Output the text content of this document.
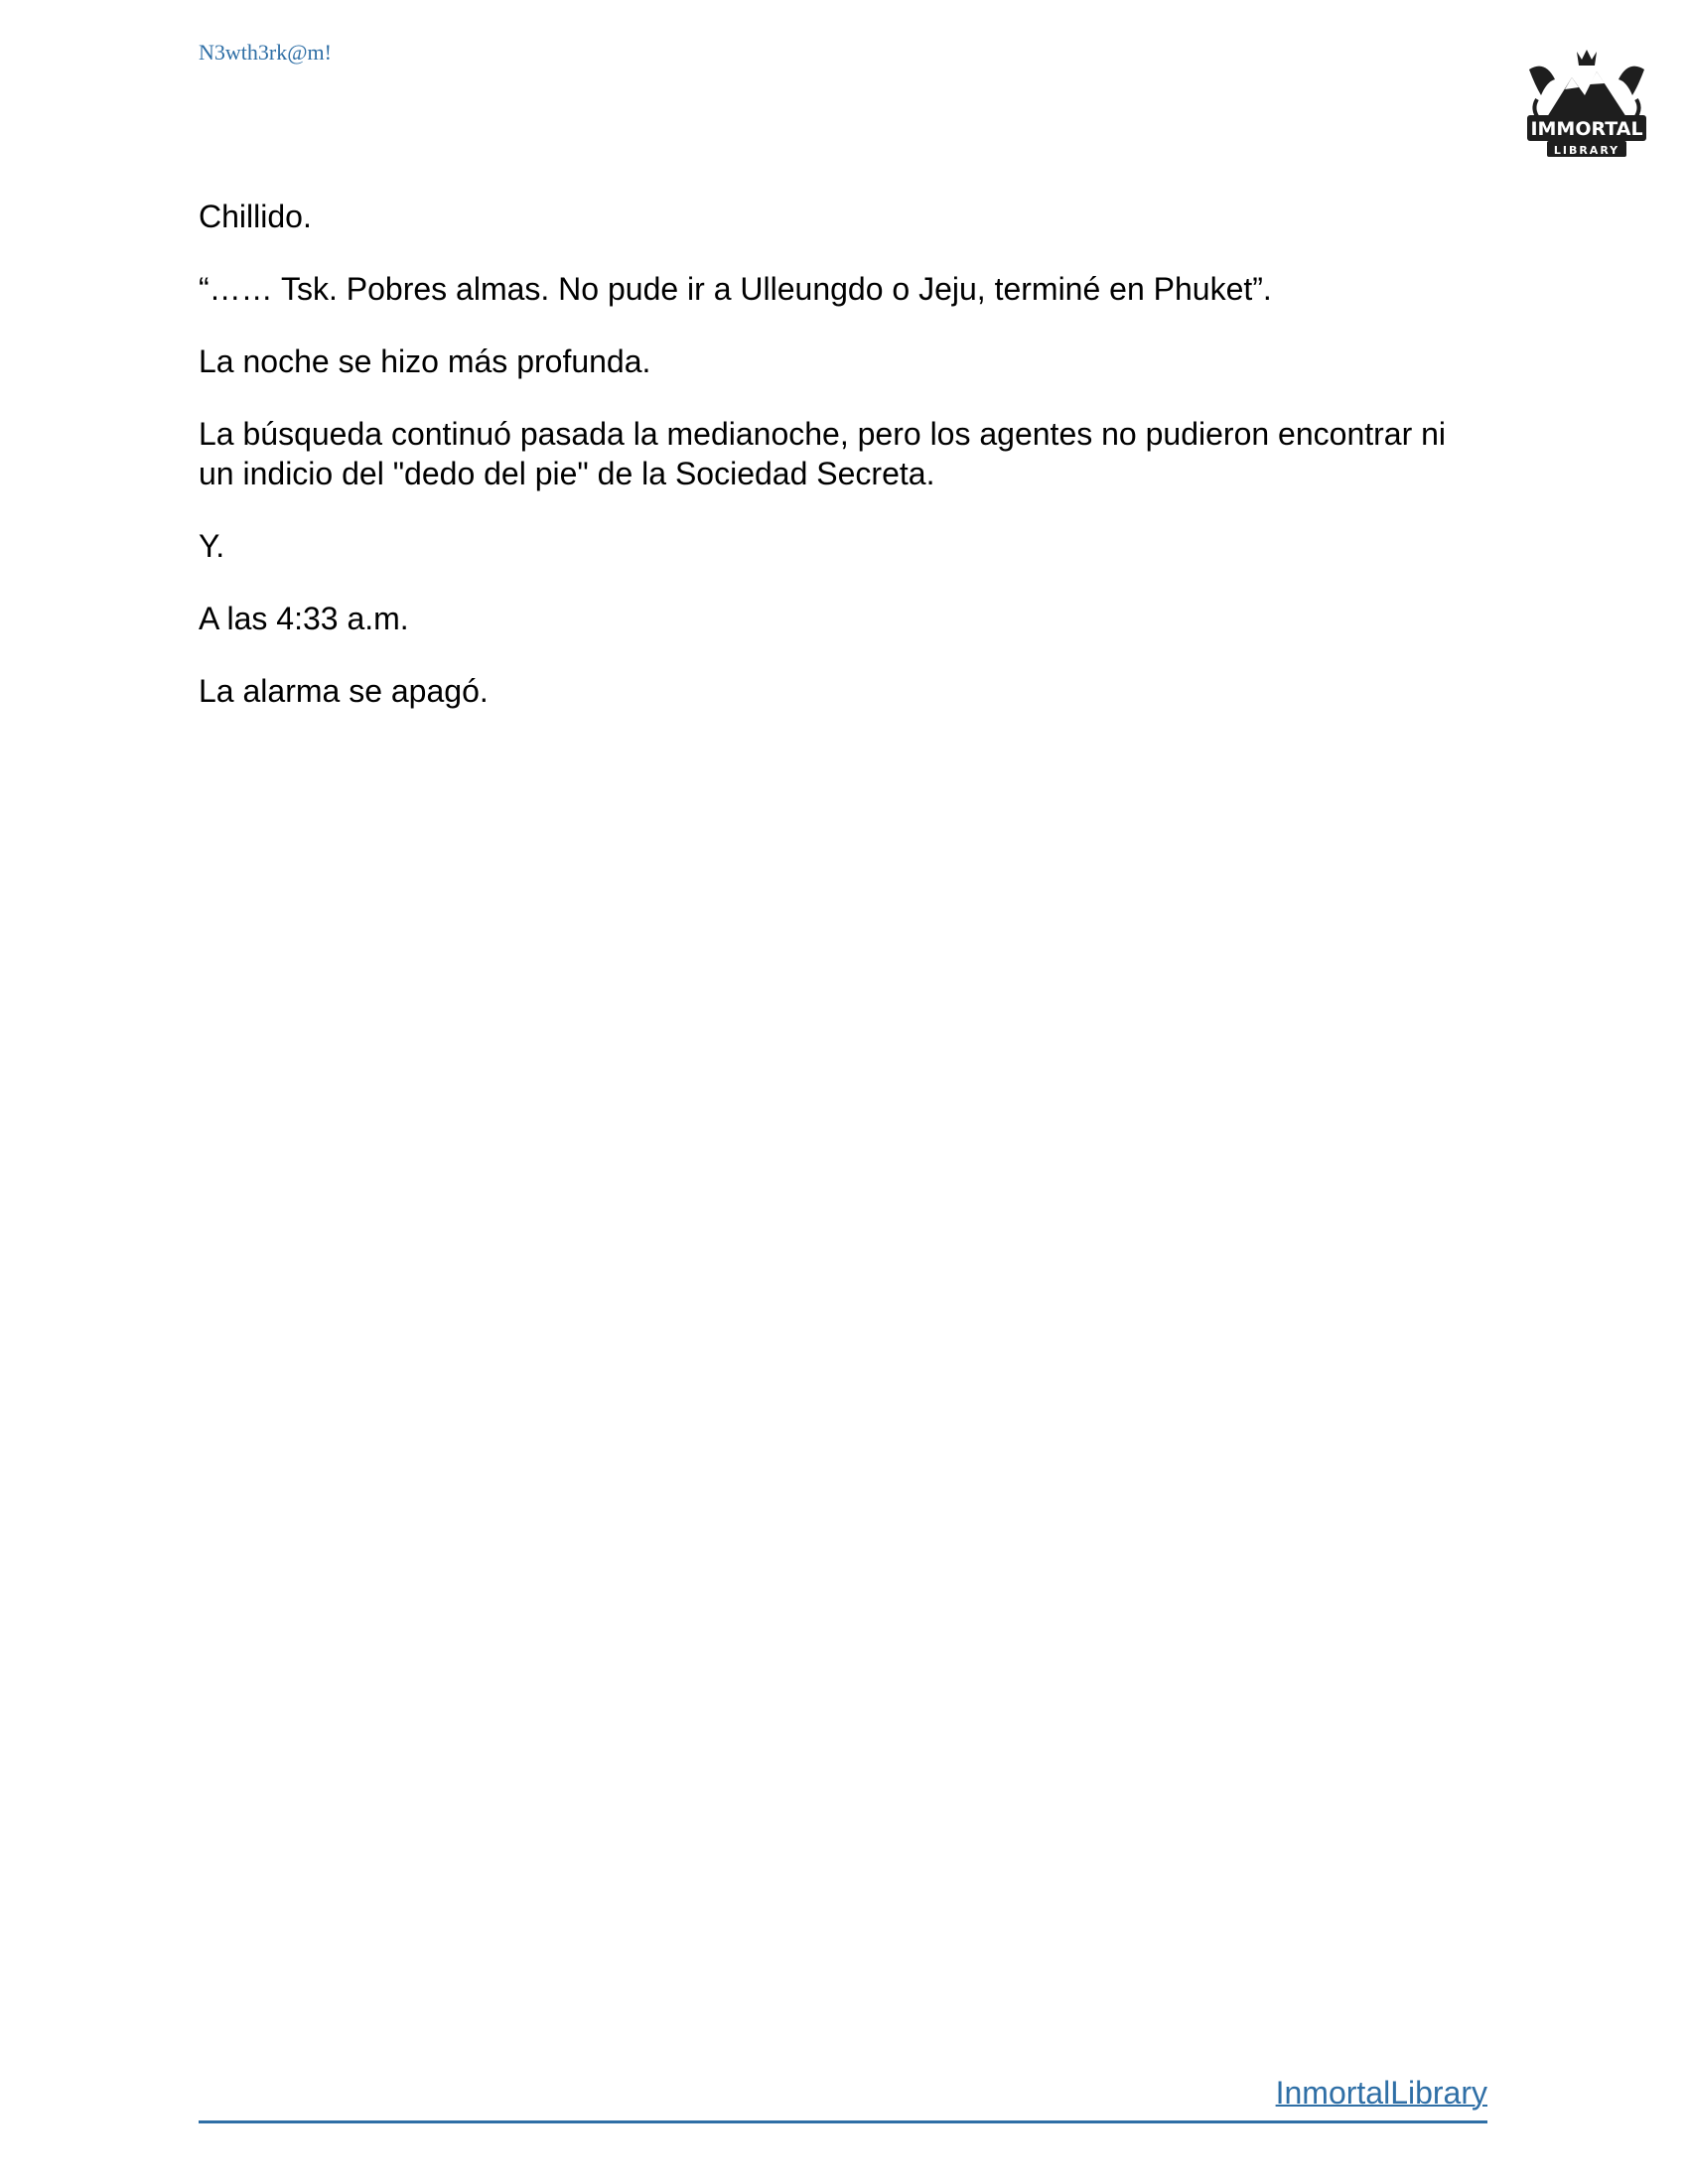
N3wth3rk@m!
IMMORTAL
LIBRARY

Chillido.

“…… Tsk. Pobres almas. No pude ir a Ulleungdo o Jeju, terminé en Phuket”.

La noche se hizo más profunda.

La búsqueda continuó pasada la medianoche, pero los agentes no pudieron encontrar ni un indicio del "dedo del pie" de la Sociedad Secreta.

Y.

A las 4:33 a.m.

La alarma se apagó.

InmortalLibrary
